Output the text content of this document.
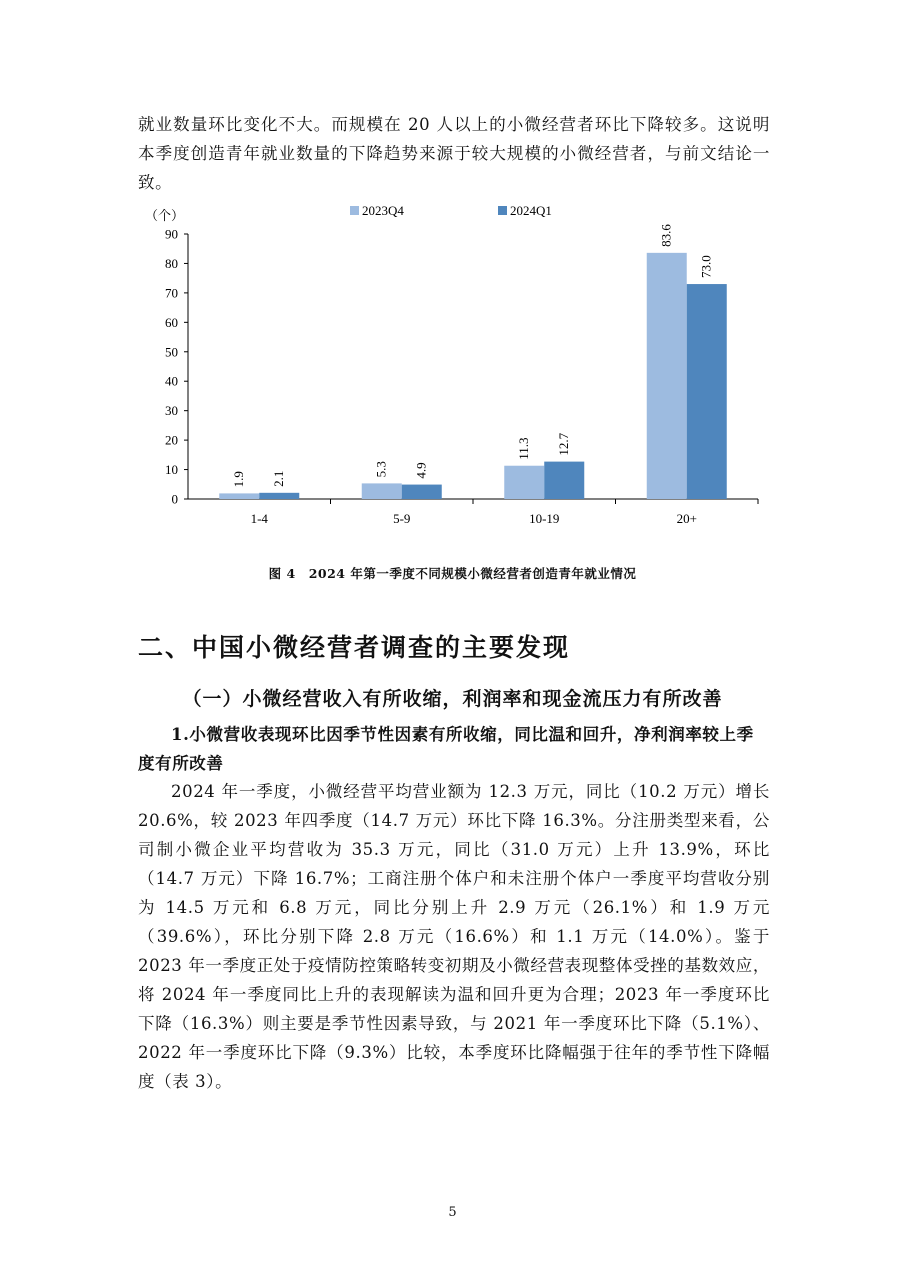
就业数量环比变化不大。而规模在 20 人以上的小微经营者环比下降较多。这说明本季度创造青年就业数量的下降趋势来源于较大规模的小微经营者，与前文结论一致。

0
10
20
30
40
50
60
70
80
90
（个）
1.9 2.1
1-4
5.3 4.9
5-9
11.3 12.7
10-19
83.6
73.0
20+
2023Q4	2024Q1
图 4　2024 年第一季度不同规模小微经营者创造青年就业情况
二、中国小微经营者调查的主要发现
（一）小微经营收入有所收缩，利润率和现金流压力有所改善
1.小微营收表现环比因季节性因素有所收缩，同比温和回升，净利润率较上季度有所改善

2024 年一季度，小微经营平均营业额为 12.3 万元，同比（10.2 万元）增长20.6%，较 2023 年四季度（14.7 万元）环比下降 16.3%。分注册类型来看，公司制小微企业平均营收为 35.3 万元，同比（31.0 万元）上升 13.9%，环比（14.7 万元）下降 16.7%；工商注册个体户和未注册个体户一季度平均营收分别为 14.5 万元和 6.8 万元，同比分别上升 2.9 万元（26.1%）和 1.9 万元（39.6%），环比分别下降 2.8 万元（16.6%）和 1.1 万元（14.0%）。鉴于 2023 年一季度正处于疫情防控策略转变初期及小微经营表现整体受挫的基数效应，将 2024 年一季度同比上升的表现解读为温和回升更为合理；2023 年一季度环比下降（16.3%）则主要是季节性因素导致，与 2021 年一季度环比下降（5.1%）、2022 年一季度环比下降（9.3%）比较，本季度环比降幅强于往年的季节性下降幅度（表 3）。

5
